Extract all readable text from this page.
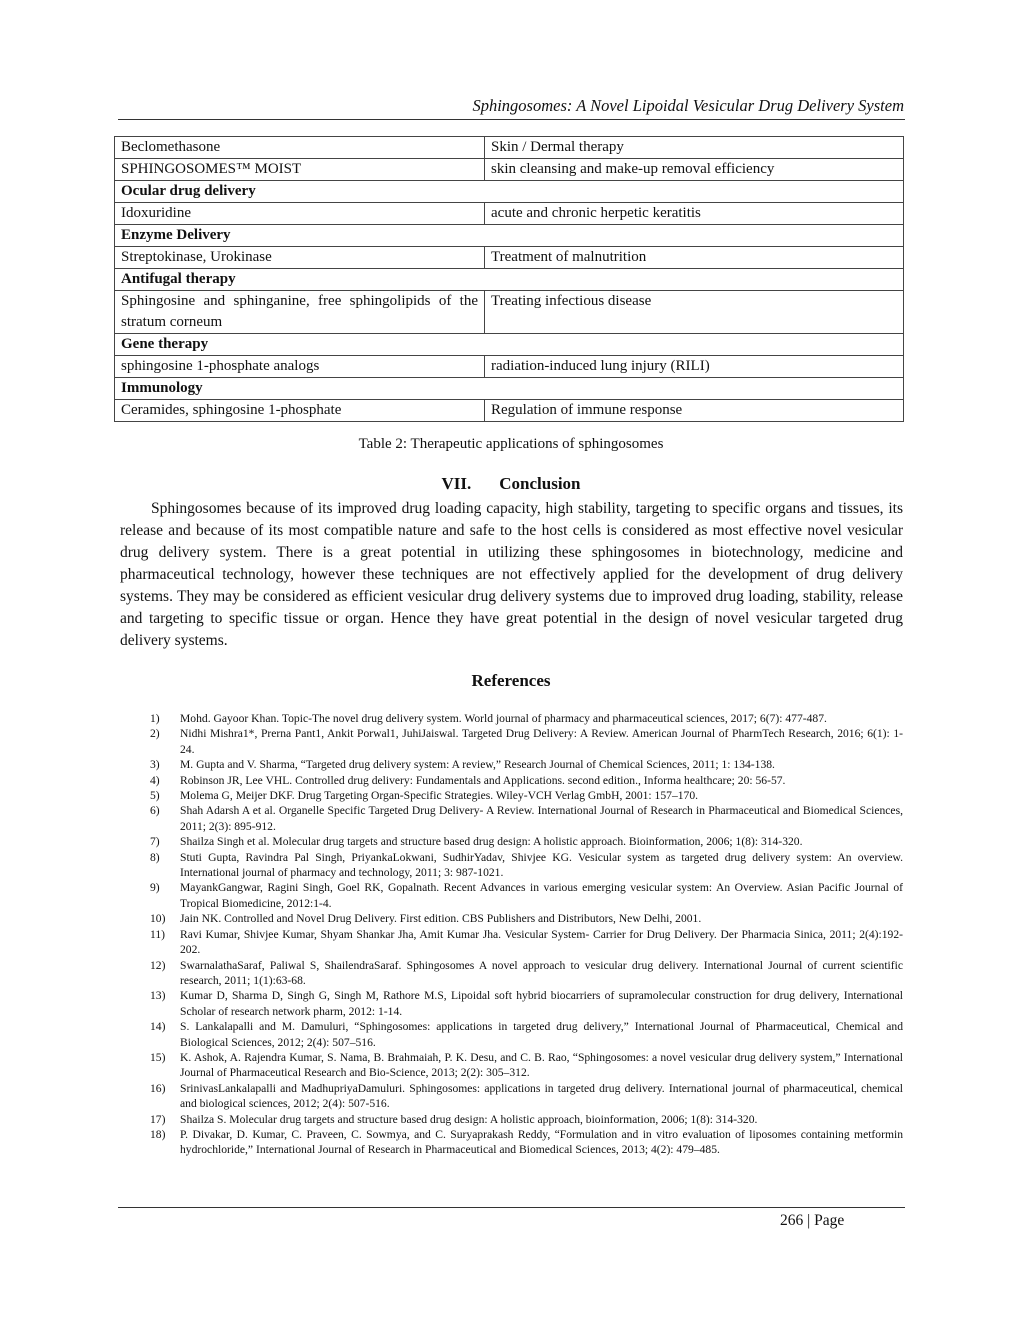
Sphingosomes: A Novel Lipoidal Vesicular Drug Delivery System
Beclomethasone	Skin / Dermal therapy
SPHINGOSOMES™ MOIST	skin cleansing and make-up removal efficiency
Ocular drug delivery	
Idoxuridine	acute and chronic herpetic keratitis
Enzyme Delivery	
Streptokinase, Urokinase	Treatment of malnutrition
Antifugal therapy	
Sphingosine and sphinganine, free sphingolipids of the stratum corneum	Treating infectious disease
Gene therapy	
sphingosine 1-phosphate analogs	radiation-induced lung injury (RILI)
Immunology	
Ceramides, sphingosine 1-phosphate	Regulation of immune response
Table 2: Therapeutic applications of sphingosomes
VII. Conclusion

Sphingosomes because of its improved drug loading capacity, high stability, targeting to specific organs and tissues, its release and because of its most compatible nature and safe to the host cells is considered as most effective novel vesicular drug delivery system. There is a great potential in utilizing these sphingosomes in biotechnology, medicine and pharmaceutical technology, however these techniques are not effectively applied for the development of drug delivery systems. They may be considered as efficient vesicular drug delivery systems due to improved drug loading, stability, release and targeting to specific tissue or organ. Hence they have great potential in the design of novel vesicular targeted drug delivery systems.

References
1) Mohd. Gayoor Khan. Topic-The novel drug delivery system. World journal of pharmacy and pharmaceutical sciences, 2017; 6(7): 477-487.
2) Nidhi Mishra1*, Prerna Pant1, Ankit Porwal1, JuhiJaiswal. Targeted Drug Delivery: A Review. American Journal of PharmTech Research, 2016; 6(1): 1-24.
3) M. Gupta and V. Sharma, “Targeted drug delivery system: A review,” Research Journal of Chemical Sciences, 2011; 1: 134-138.
4) Robinson JR, Lee VHL. Controlled drug delivery: Fundamentals and Applications. second edition., Informa healthcare; 20: 56-57.
5) Molema G, Meijer DKF. Drug Targeting Organ-Specific Strategies. Wiley-VCH Verlag GmbH, 2001: 157–170.
6) Shah Adarsh A et al. Organelle Specific Targeted Drug Delivery- A Review. International Journal of Research in Pharmaceutical and Biomedical Sciences, 2011; 2(3): 895-912.
7) Shailza Singh et al. Molecular drug targets and structure based drug design: A holistic approach. Bioinformation, 2006; 1(8): 314-320.
8) Stuti Gupta, Ravindra Pal Singh, PriyankaLokwani, SudhirYadav, Shivjee KG. Vesicular system as targeted drug delivery system: An overview. International journal of pharmacy and technology, 2011; 3: 987-1021.
9) MayankGangwar, Ragini Singh, Goel RK, Gopalnath. Recent Advances in various emerging vesicular system: An Overview. Asian Pacific Journal of Tropical Biomedicine, 2012:1-4.
10) Jain NK. Controlled and Novel Drug Delivery. First edition. CBS Publishers and Distributors, New Delhi, 2001.
11) Ravi Kumar, Shivjee Kumar, Shyam Shankar Jha, Amit Kumar Jha. Vesicular System- Carrier for Drug Delivery. Der Pharmacia Sinica, 2011; 2(4):192-202.
12) SwarnalathaSaraf, Paliwal S, ShailendraSaraf. Sphingosomes A novel approach to vesicular drug delivery. International Journal of current scientific research, 2011; 1(1):63-68.
13) Kumar D, Sharma D, Singh G, Singh M, Rathore M.S, Lipoidal soft hybrid biocarriers of supramolecular construction for drug delivery, International Scholar of research network pharm, 2012: 1-14.
14) S. Lankalapalli and M. Damuluri, “Sphingosomes: applications in targeted drug delivery,” International Journal of Pharmaceutical, Chemical and Biological Sciences, 2012; 2(4): 507–516.
15) K. Ashok, A. Rajendra Kumar, S. Nama, B. Brahmaiah, P. K. Desu, and C. B. Rao, “Sphingosomes: a novel vesicular drug delivery system,” International Journal of Pharmaceutical Research and Bio-Science, 2013; 2(2): 305–312.
16) SrinivasLankalapalli and MadhupriyaDamuluri. Sphingosomes: applications in targeted drug delivery. International journal of pharmaceutical, chemical and biological sciences, 2012; 2(4): 507-516.
17) Shailza S. Molecular drug targets and structure based drug design: A holistic approach, bioinformation, 2006; 1(8): 314-320.
18) P. Divakar, D. Kumar, C. Praveen, C. Sowmya, and C. Suryaprakash Reddy, “Formulation and in vitro evaluation of liposomes containing metformin hydrochloride,” International Journal of Research in Pharmaceutical and Biomedical Sciences, 2013; 4(2): 479–485.
266 | Page
